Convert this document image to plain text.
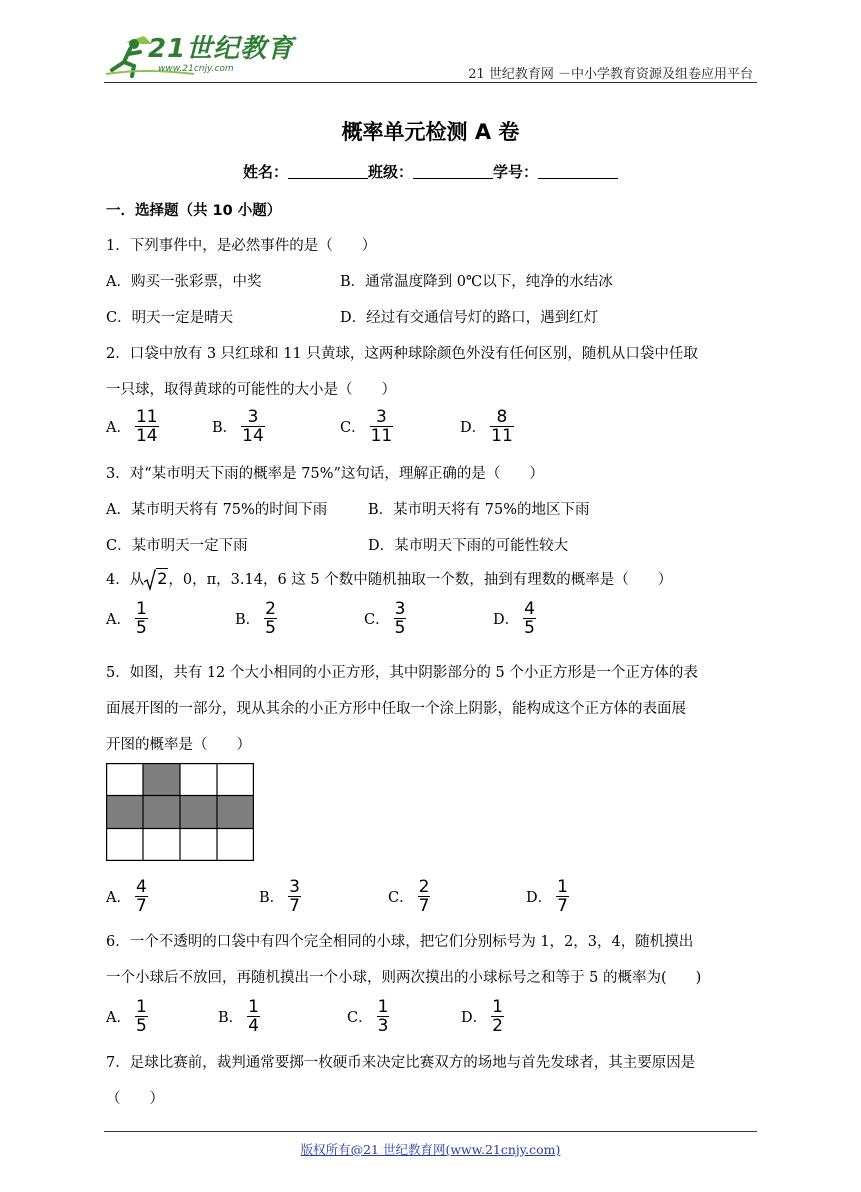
21世纪教育
www.21cnjy.com	21 世纪教育网 －中小学教育资源及组卷应用平台
概率单元检测 A 卷
姓名：	班级：	学号：
一．选择题（共 10 小题）
1．下列事件中，是必然事件的是（　　）
A．购买一张彩票，中奖	B．通常温度降到 0℃以下，纯净的水结冰
C．明天一定是晴天	D．经过有交通信号灯的路口，遇到红灯
2．口袋中放有 3 只红球和 11 只黄球，这两种球除颜色外没有任何区别，随机从口袋中任取
一只球，取得黄球的可能性的大小是（　　）
A． $\frac{11}{14}$	B． $\frac{3}{14}$	C． $\frac{3}{11}$	D． $\frac{8}{11}$
3．对“某市明天下雨的概率是 75%”这句话，理解正确的是（　　）
A．某市明天将有 75%的时间下雨	B．某市明天将有 75%的地区下雨
C．某市明天一定下雨	D．某市明天下雨的可能性较大
4．从 2，0，π，3.14，6 这 5 个数中随机抽取一个数，抽到有理数的概率是（　　）
A． $\frac{1}{5}$	B． $\frac{2}{5}$	C． $\frac{3}{5}$	D． $\frac{4}{5}$
5．如图，共有 12 个大小相同的小正方形，其中阴影部分的 5 个小正方形是一个正方体的表
面展开图的一部分，现从其余的小正方形中任取一个涂上阴影，能构成这个正方体的表面展
开图的概率是（　　）
A． $\frac{4}{7}$	B． $\frac{3}{7}$	C． $\frac{2}{7}$	D． $\frac{1}{7}$
6．一个不透明的口袋中有四个完全相同的小球，把它们分别标号为 1，2，3，4，随机摸出
一个小球后不放回，再随机摸出一个小球，则两次摸出的小球标号之和等于 5 的概率为(　　)
A． $\frac{1}{5}$	B． $\frac{1}{4}$	C． $\frac{1}{3}$	D． $\frac{1}{2}$
7．足球比赛前，裁判通常要掷一枚硬币来决定比赛双方的场地与首先发球者，其主要原因是
（　　）
版权所有@21 世纪教育网(www.21cnjy.com)
